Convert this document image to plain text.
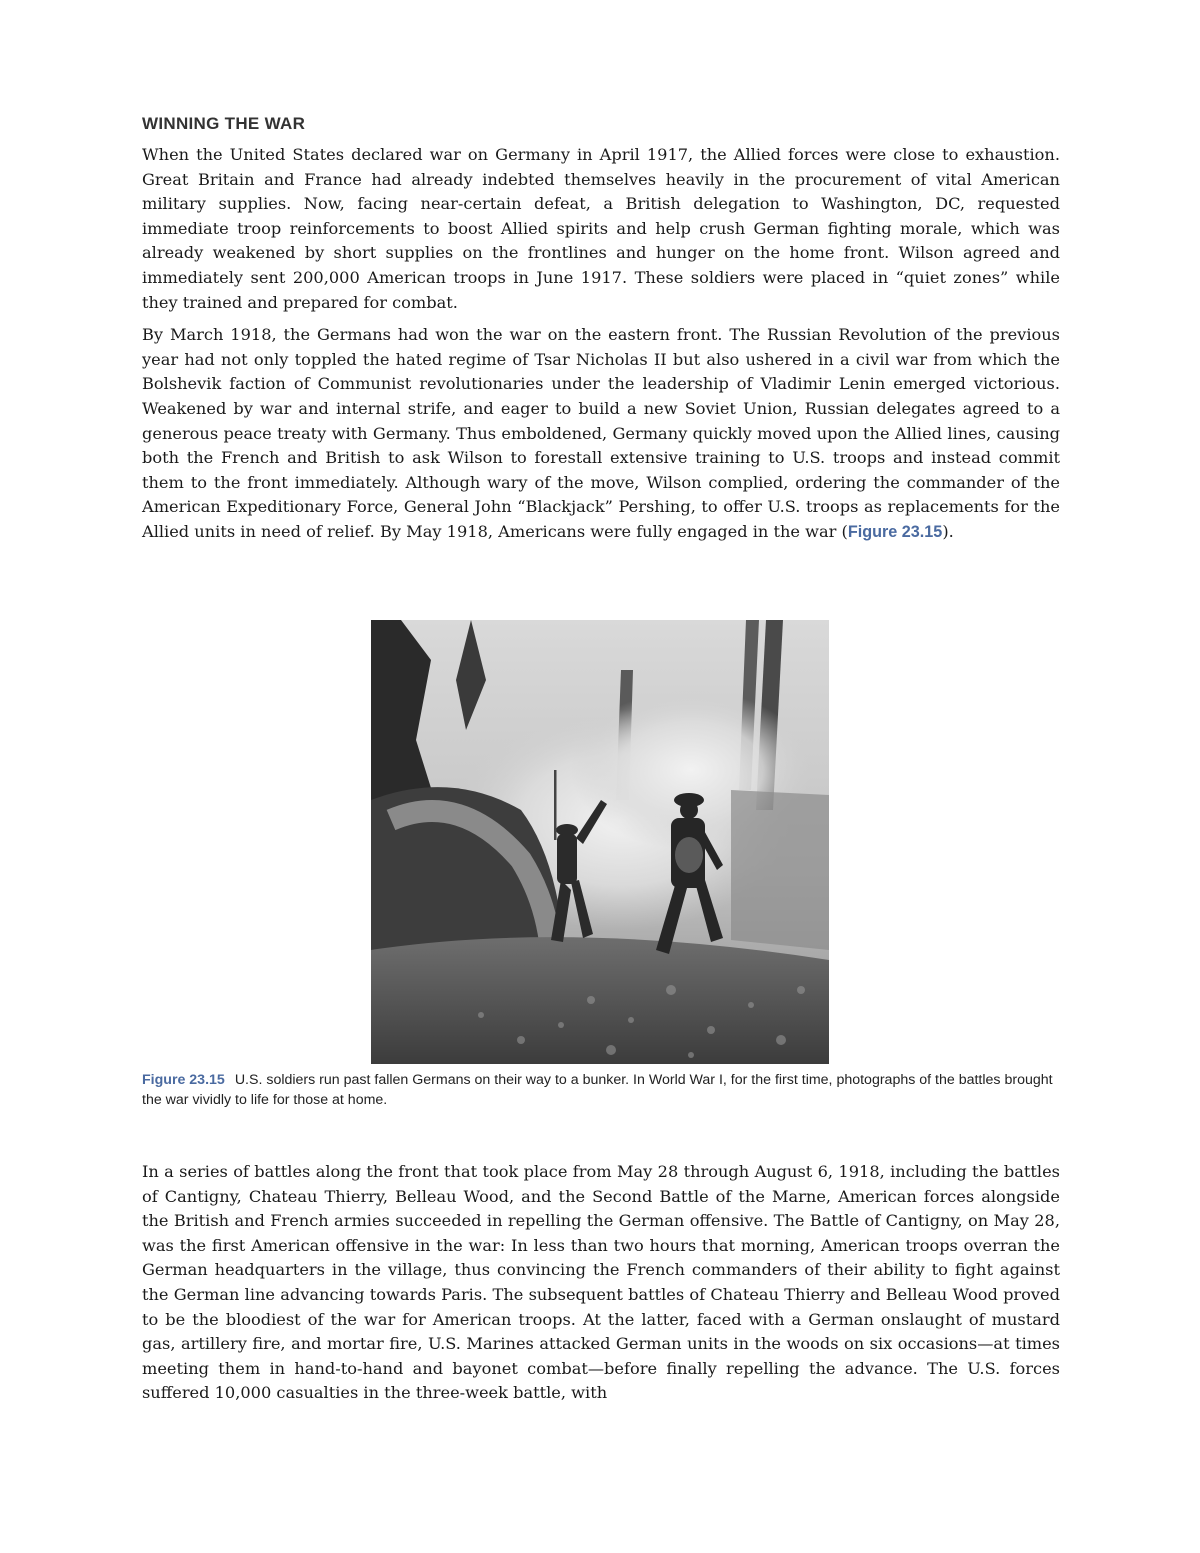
WINNING THE WAR

When the United States declared war on Germany in April 1917, the Allied forces were close to exhaustion. Great Britain and France had already indebted themselves heavily in the procurement of vital American military supplies. Now, facing near-certain defeat, a British delegation to Washington, DC, requested immediate troop reinforcements to boost Allied spirits and help crush German fighting morale, which was already weakened by short supplies on the frontlines and hunger on the home front. Wilson agreed and immediately sent 200,000 American troops in June 1917. These soldiers were placed in “quiet zones” while they trained and prepared for combat.

By March 1918, the Germans had won the war on the eastern front. The Russian Revolution of the previous year had not only toppled the hated regime of Tsar Nicholas II but also ushered in a civil war from which the Bolshevik faction of Communist revolutionaries under the leadership of Vladimir Lenin emerged victorious. Weakened by war and internal strife, and eager to build a new Soviet Union, Russian delegates agreed to a generous peace treaty with Germany. Thus emboldened, Germany quickly moved upon the Allied lines, causing both the French and British to ask Wilson to forestall extensive training to U.S. troops and instead commit them to the front immediately. Although wary of the move, Wilson complied, ordering the commander of the American Expeditionary Force, General John “Blackjack” Pershing, to offer U.S. troops as replacements for the Allied units in need of relief. By May 1918, Americans were fully engaged in the war (Figure 23.15).

Figure 23.15 U.S. soldiers run past fallen Germans on their way to a bunker. In World War I, for the first time, photographs of the battles brought the war vividly to life for those at home.

In a series of battles along the front that took place from May 28 through August 6, 1918, including the battles of Cantigny, Chateau Thierry, Belleau Wood, and the Second Battle of the Marne, American forces alongside the British and French armies succeeded in repelling the German offensive. The Battle of Cantigny, on May 28, was the first American offensive in the war: In less than two hours that morning, American troops overran the German headquarters in the village, thus convincing the French commanders of their ability to fight against the German line advancing towards Paris. The subsequent battles of Chateau Thierry and Belleau Wood proved to be the bloodiest of the war for American troops. At the latter, faced with a German onslaught of mustard gas, artillery fire, and mortar fire, U.S. Marines attacked German units in the woods on six occasions—at times meeting them in hand-to-hand and bayonet combat—before finally repelling the advance. The U.S. forces suffered 10,000 casualties in the three-week battle, with
